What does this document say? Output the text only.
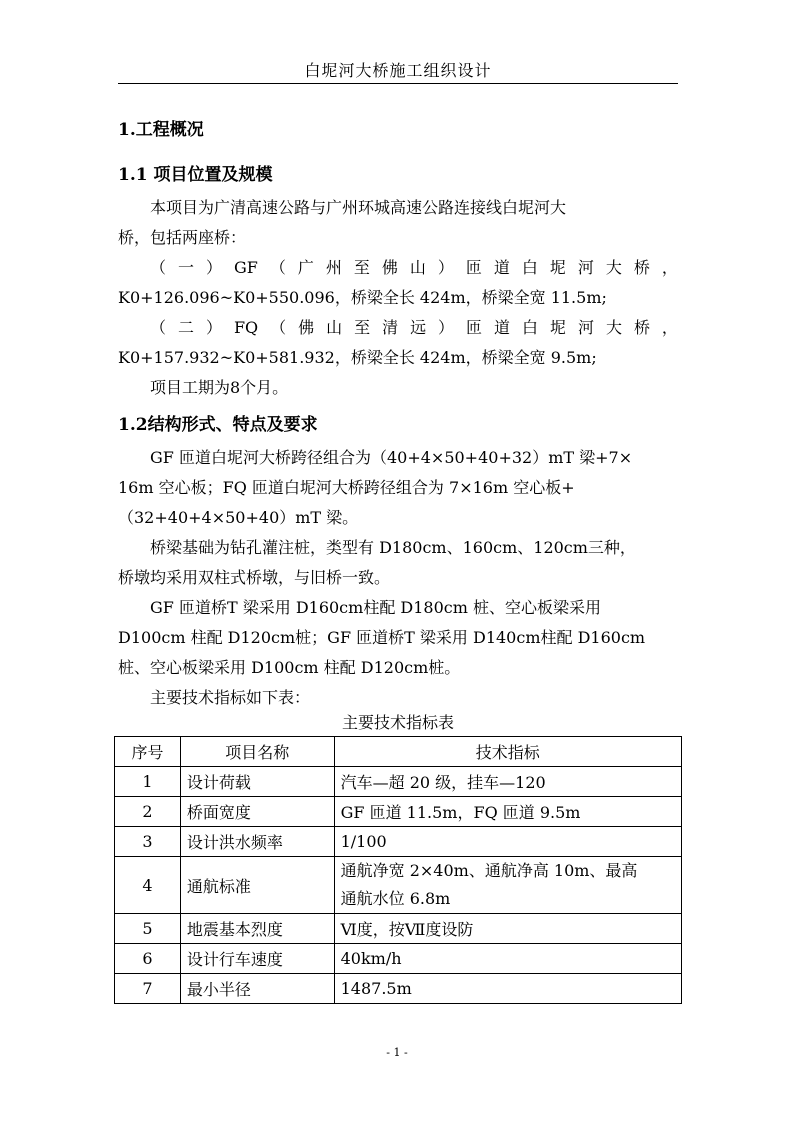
白坭河大桥施工组织设计
1.工程概况
1.1 项目位置及规模
本项目为广清高速公路与广州环城高速公路连接线白坭河大
桥，包括两座桥：
（ 一 ） GF （ 广 州 至 佛 山 ） 匝 道 白 坭 河 大 桥 ，
K0+126.096~K0+550.096，桥梁全长 424m，桥梁全宽 11.5m;
（ 二 ） FQ （ 佛 山 至 清 远 ） 匝 道 白 坭 河 大 桥 ，
K0+157.932~K0+581.932，桥梁全长 424m，桥梁全宽 9.5m;
项目工期为8个月。
1.2结构形式、特点及要求
GF 匝道白坭河大桥跨径组合为（40+4×50+40+32）mT 梁+7×
16m 空心板；FQ 匝道白坭河大桥跨径组合为 7×16m 空心板+
（32+40+4×50+40）mT 梁。
桥梁基础为钻孔灌注桩，类型有 D180cm、160cm、120cm三种，
桥墩均采用双柱式桥墩，与旧桥一致。
GF 匝道桥T 梁采用 D160cm柱配 D180cm 桩、空心板梁采用
D100cm 柱配 D120cm桩；GF 匝道桥T 梁采用 D140cm柱配 D160cm
桩、空心板梁采用 D100cm 柱配 D120cm桩。
主要技术指标如下表：
主要技术指标表
序号	项目名称	技术指标
1	设计荷载	汽车—超 20 级，挂车—120
2	桥面宽度	GF 匝道 11.5m，FQ 匝道 9.5m
3	设计洪水频率	1/100
4	通航标准	通航净宽 2×40m、通航净高 10m、最高
通航水位 6.8m

5	地震基本烈度	Ⅵ度，按Ⅶ度设防
6	设计行车速度	40km/h
7	最小半径	1487.5m
- 1 -
